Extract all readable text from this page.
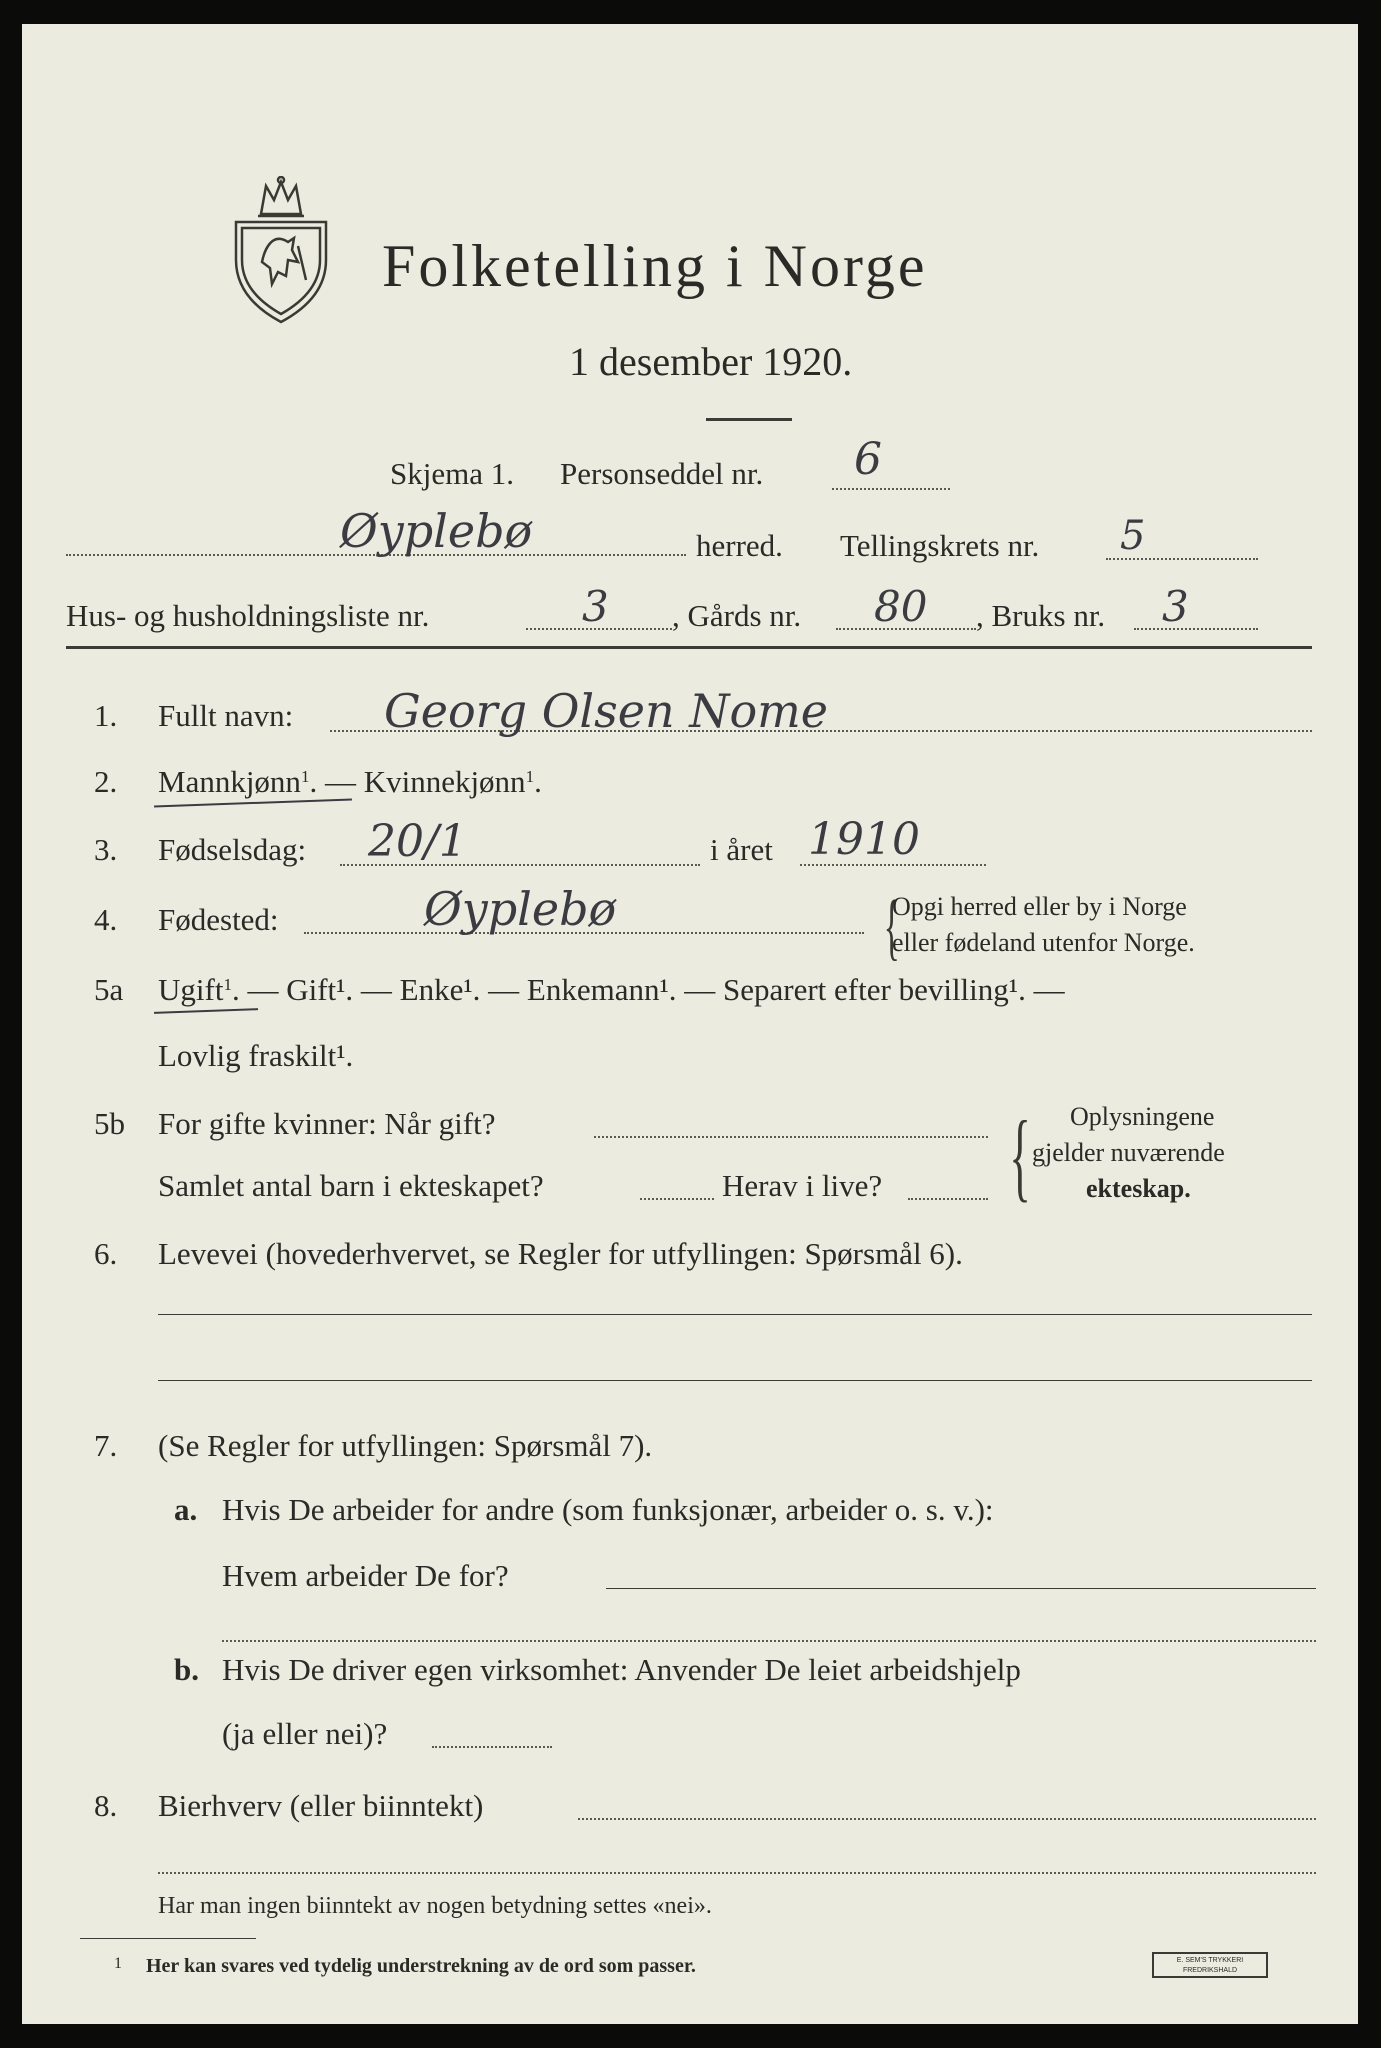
Folketelling i Norge
1 desember 1920.
Skjema 1. Personseddel nr. 6
Øyplebø	herred. Tellingskrets nr. 5
Hus- og husholdningsliste nr.	3 , Gårds nr. 80 , Bruks nr. 3
1. Fullt navn: Georg Olsen Nome
2. Mannkjønn$^1$. — Kvinnekjønn$^1$.
3. Fødselsdag: 20/1	i året 1910
4. Fødested:	Øyplebø	{
Opgi herred eller by i Norge
eller fødeland utenfor Norge.
5a Ugift$^1$. — Gift¹. — Enke¹. — Enkemann¹. — Separert efter bevilling¹. —
Lovlig fraskilt¹.
5b For gifte kvinner: Når gift?
Samlet antal barn i ekteskapet?	Herav i live? { Oplysningene
gjelder nuværende
ekteskap.
6. Levevei (hovederhvervet, se Regler for utfyllingen: Spørsmål 6).
7. (Se Regler for utfyllingen: Spørsmål 7).
a. Hvis De arbeider for andre (som funksjonær, arbeider o. s. v.):
Hvem arbeider De for?
b. Hvis De driver egen virksomhet: Anvender De leiet arbeidshjelp
(ja eller nei)?
8. Bierhverv (eller biinntekt)
Har man ingen biinntekt av nogen betydning settes «nei».
1 Her kan svares ved tydelig understrekning av de ord som passer.	E. SEM'S TRYKKERI FREDRIKSHALD
